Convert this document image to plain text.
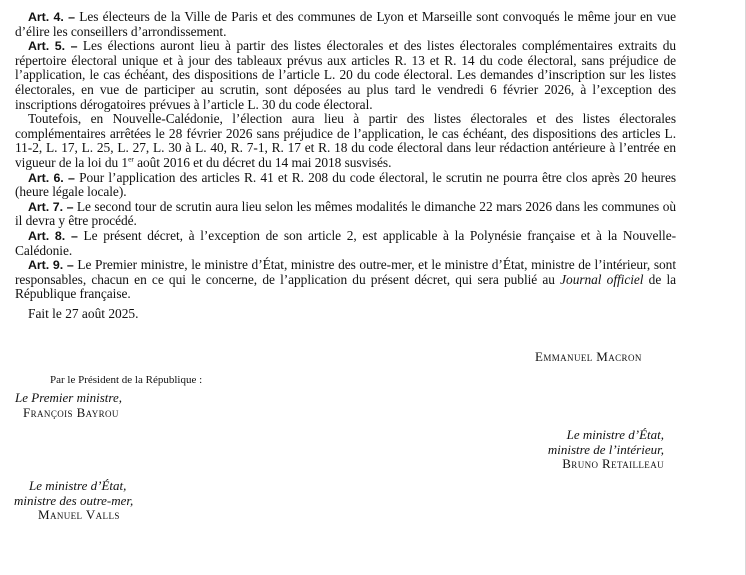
Art. 4. – Les électeurs de la Ville de Paris et des communes de Lyon et Marseille sont convoqués le même jour en vue d’élire les conseillers d’arrondissement.

Art. 5. – Les élections auront lieu à partir des listes électorales et des listes électorales complémentaires extraits du répertoire électoral unique et à jour des tableaux prévus aux articles R. 13 et R. 14 du code électoral, sans préjudice de l’application, le cas échéant, des dispositions de l’article L. 20 du code électoral. Les demandes d’inscription sur les listes électorales, en vue de participer au scrutin, sont déposées au plus tard le vendredi 6 février 2026, à l’exception des inscriptions dérogatoires prévues à l’article L. 30 du code électoral.

Toutefois, en Nouvelle-Calédonie, l’élection aura lieu à partir des listes électorales et des listes électorales complémentaires arrêtées le 28 février 2026 sans préjudice de l’application, le cas échéant, des dispositions des articles L. 11-2, L. 17, L. 25, L. 27, L. 30 à L. 40, R. 7-1, R. 17 et R. 18 du code électoral dans leur rédaction antérieure à l’entrée en vigueur de la loi du 1er août 2016 et du décret du 14 mai 2018 susvisés.

Art. 6. – Pour l’application des articles R. 41 et R. 208 du code électoral, le scrutin ne pourra être clos après 20 heures (heure légale locale).

Art. 7. – Le second tour de scrutin aura lieu selon les mêmes modalités le dimanche 22 mars 2026 dans les communes où il devra y être procédé.

Art. 8. – Le présent décret, à l’exception de son article 2, est applicable à la Polynésie française et à la Nouvelle-Calédonie.

Art. 9. – Le Premier ministre, le ministre d’État, ministre des outre-mer, et le ministre d’État, ministre de l’intérieur, sont responsables, chacun en ce qui le concerne, de l’application du présent décret, qui sera publié au Journal officiel de la République française.

Fait le 27 août 2025.
Emmanuel Macron
Par le Président de la République :
Le Premier ministre,
François Bayrou
Le ministre d’État,
ministre de l’intérieur,
Bruno Retailleau
Le ministre d’État,
ministre des outre-mer,
Manuel Valls
